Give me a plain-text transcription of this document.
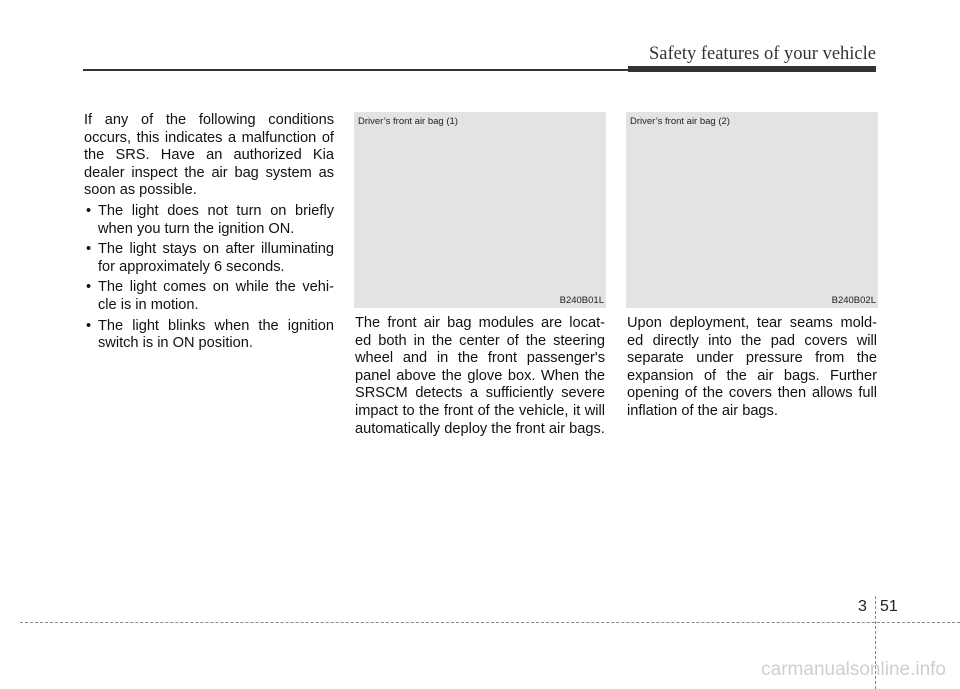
Safety features of your vehicle

If any of the following conditions occurs, this indicates a malfunction of the SRS. Have an authorized Kia dealer inspect the air bag system as soon as possible.

• The light does not turn on briefly when you turn the ignition ON.
• The light stays on after illuminating for approximately 6 seconds.
• The light comes on while the vehi- cle is in motion.
• The light blinks when the ignition switch is in ON position.
Driver’s front air bag (1)
B240B01L
Driver’s front air bag (2)
B240B02L

The front air bag modules are locat- ed both in the center of the steering wheel and in the front passenger's panel above the glove box. When the SRSCM detects a sufficiently severe impact to the front of the vehicle, it will automatically deploy the front air bags.

Upon deployment, tear seams mold- ed directly into the pad covers will separate under pressure from the expansion of the air bags. Further opening of the covers then allows full inflation of the air bags.

3 51
carmanualsonline.info
